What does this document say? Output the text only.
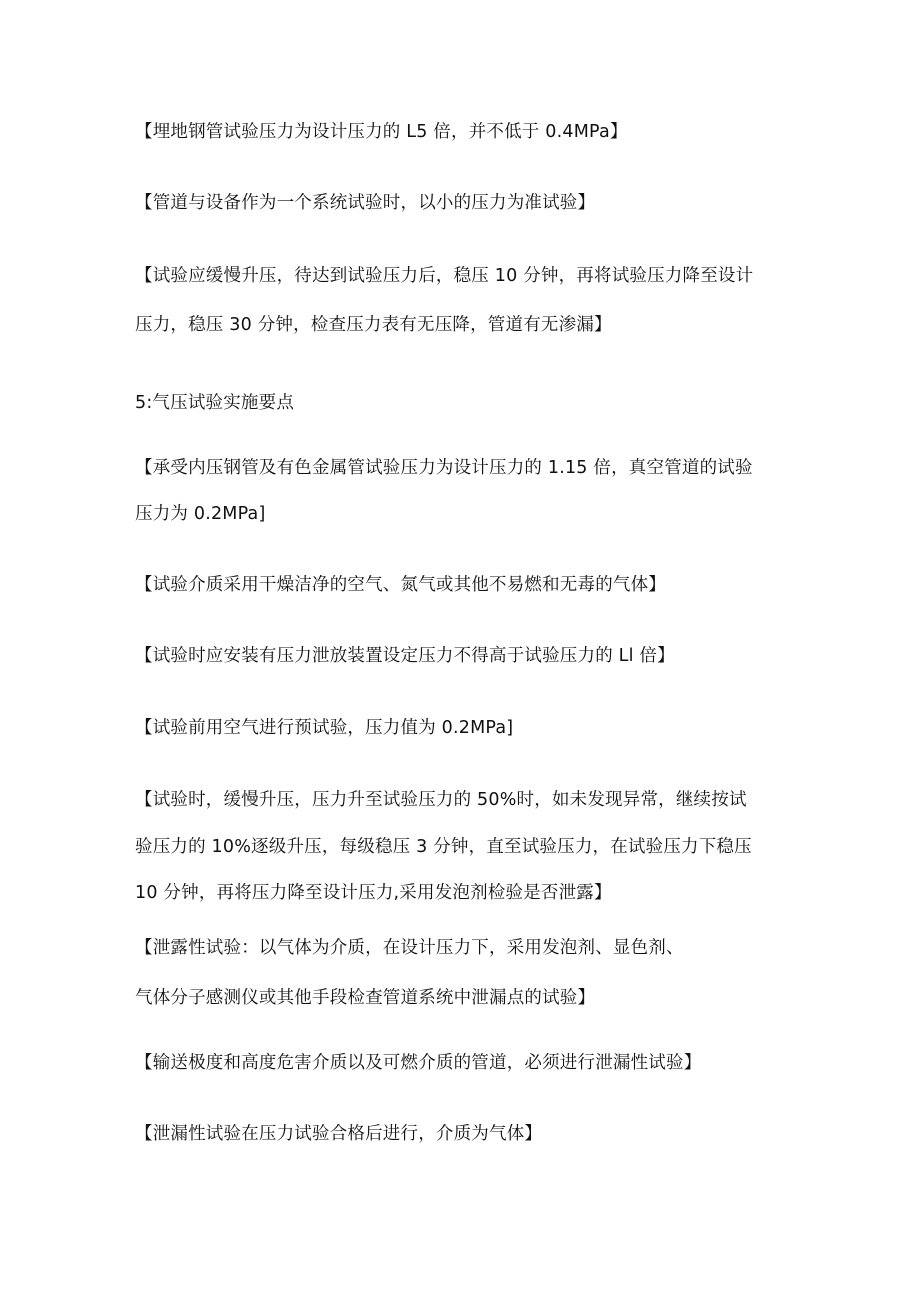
【埋地钢管试验压力为设计压力的 L5 倍，并不低于 0.4MPa】
【管道与设备作为一个系统试验时，以小的压力为准试验】
【试验应缓慢升压，待达到试验压力后，稳压 10 分钟，再将试验压力降至设计
压力，稳压 30 分钟，检查压力表有无压降，管道有无渗漏】
5:气压试验实施要点
【承受内压钢管及有色金属管试验压力为设计压力的 1.15 倍，真空管道的试验
压力为 0.2MPa]
【试验介质采用干燥洁净的空气、氮气或其他不易燃和无毒的气体】
【试验时应安装有压力泄放装置设定压力不得高于试验压力的 Ll 倍】
【试验前用空气进行预试验，压力值为 0.2MPa]
【试验时，缓慢升压，压力升至试验压力的 50%时，如未发现异常，继续按试
验压力的 10%逐级升压，每级稳压 3 分钟，直至试验压力，在试验压力下稳压
10 分钟，再将压力降至设计压力,采用发泡剂检验是否泄露】
【泄露性试验：以气体为介质，在设计压力下，采用发泡剂、显色剂、
气体分子感测仪或其他手段检查管道系统中泄漏点的试验】
【输送极度和高度危害介质以及可燃介质的管道，必须进行泄漏性试验】
【泄漏性试验在压力试验合格后进行，介质为气体】
